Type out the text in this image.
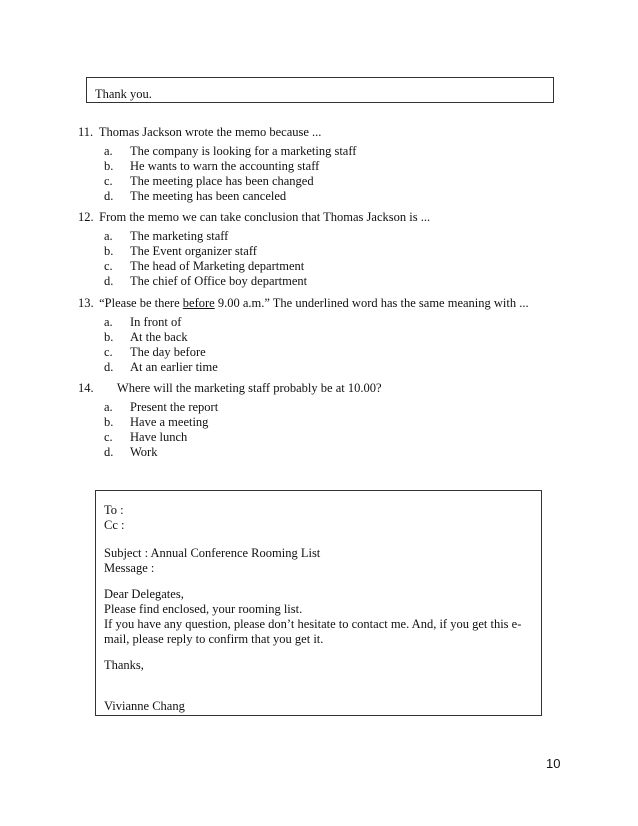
Thank you.
11. Thomas Jackson wrote the memo because ...
a. The company is looking for a marketing staff
b. He wants to warn the accounting staff
c. The meeting place has been changed
d. The meeting has been canceled
12. From the memo we can take conclusion that Thomas Jackson is ...
a. The marketing staff
b. The Event organizer staff
c. The head of Marketing department
d. The chief of Office boy department
13. “Please be there before 9.00 a.m.” The underlined word has the same meaning with ...
a. In front of
b. At the back
c. The day before
d. At an earlier time
14. Where will the marketing staff probably be at 10.00?
a. Present the report
b. Have a meeting
c. Have lunch
d. Work
To :
Cc :
Subject : Annual Conference Rooming List
Message :
Dear Delegates,
Please find enclosed, your rooming list.
If you have any question, please don’t hesitate to contact me. And, if you get this e-
mail, please reply to confirm that you get it.
Thanks,
Vivianne Chang
10
